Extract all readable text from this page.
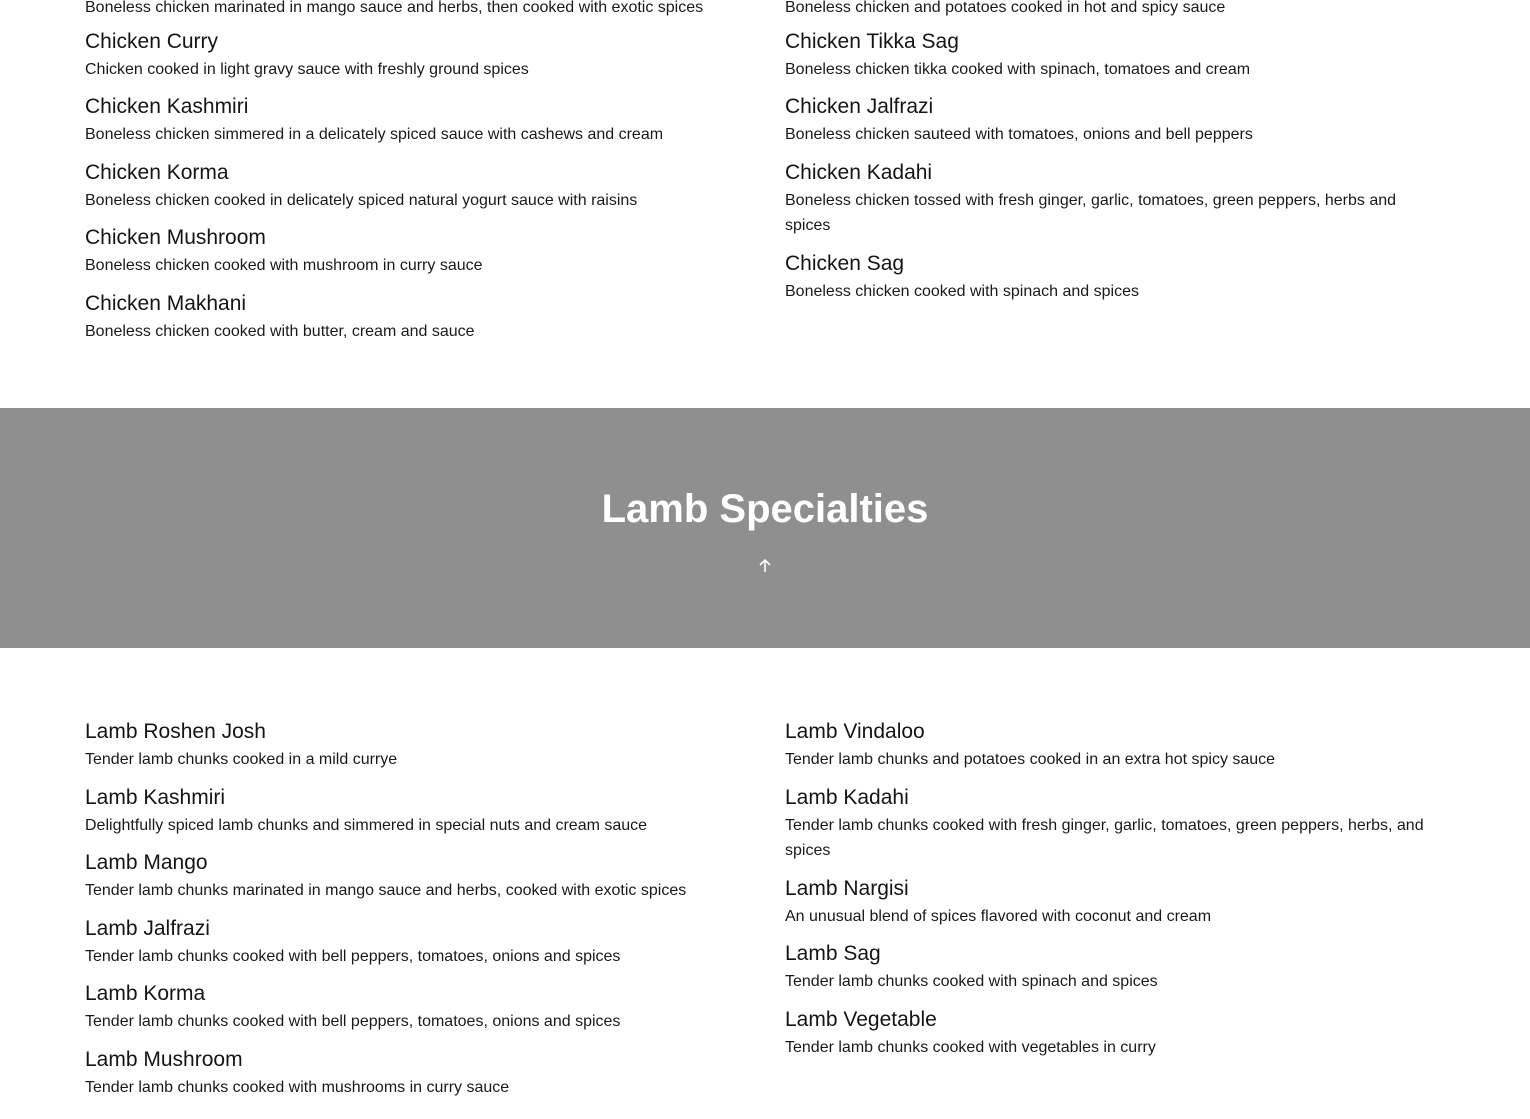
Boneless chicken marinated in mango sauce and herbs, then cooked with exotic spices
Chicken Curry
Chicken cooked in light gravy sauce with freshly ground spices
Chicken Kashmiri
Boneless chicken simmered in a delicately spiced sauce with cashews and cream
Chicken Korma
Boneless chicken cooked in delicately spiced natural yogurt sauce with raisins
Chicken Mushroom
Boneless chicken cooked with mushroom in curry sauce
Chicken Makhani
Boneless chicken cooked with butter, cream and sauce
Boneless chicken and potatoes cooked in hot and spicy sauce
Chicken Tikka Sag
Boneless chicken tikka cooked with spinach, tomatoes and cream
Chicken Jalfrazi
Boneless chicken sauteed with tomatoes, onions and bell peppers
Chicken Kadahi
Boneless chicken tossed with fresh ginger, garlic, tomatoes, green peppers, herbs and spices
Chicken Sag
Boneless chicken cooked with spinach and spices
Lamb Specialties
Lamb Roshen Josh
Tender lamb chunks cooked in a mild currye
Lamb Kashmiri
Delightfully spiced lamb chunks and simmered in special nuts and cream sauce
Lamb Mango
Tender lamb chunks marinated in mango sauce and herbs, cooked with exotic spices
Lamb Jalfrazi
Tender lamb chunks cooked with bell peppers, tomatoes, onions and spices
Lamb Korma
Tender lamb chunks cooked with bell peppers, tomatoes, onions and spices
Lamb Mushroom
Tender lamb chunks cooked with mushrooms in curry sauce
Lamb Vindaloo
Tender lamb chunks and potatoes cooked in an extra hot spicy sauce
Lamb Kadahi
Tender lamb chunks cooked with fresh ginger, garlic, tomatoes, green peppers, herbs, and spices
Lamb Nargisi
An unusual blend of spices flavored with coconut and cream
Lamb Sag
Tender lamb chunks cooked with spinach and spices
Lamb Vegetable
Tender lamb chunks cooked with vegetables in curry
